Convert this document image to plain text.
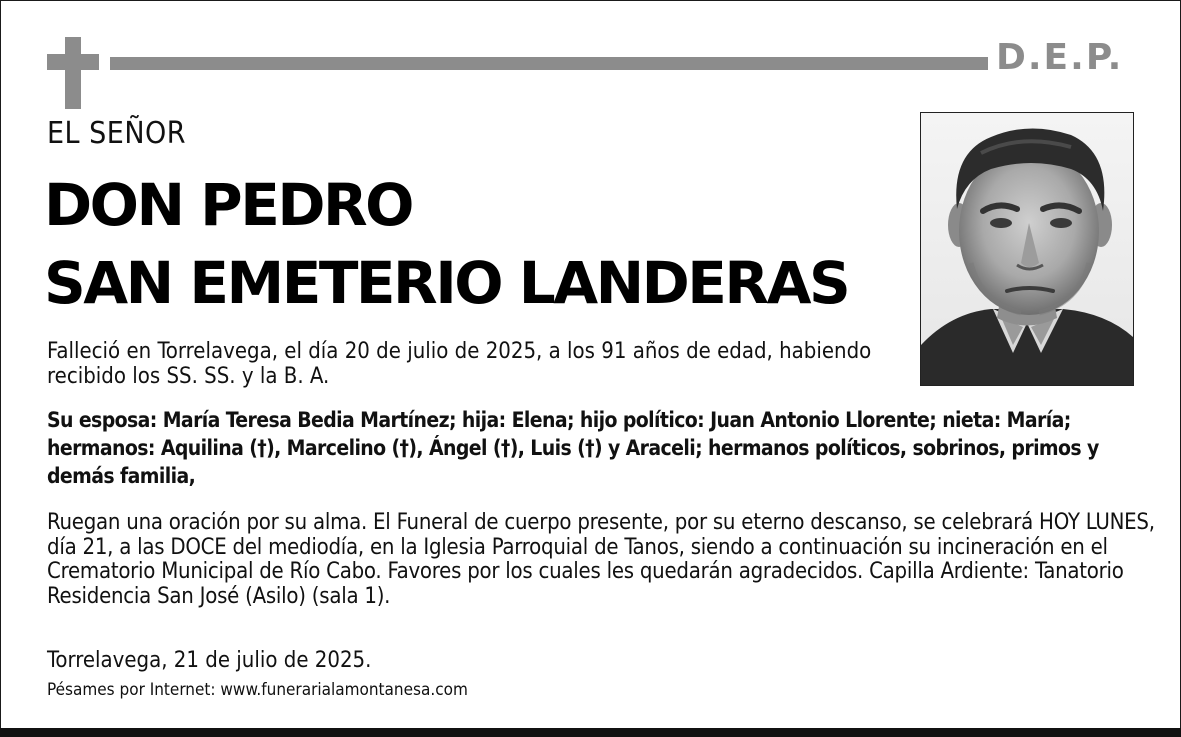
D.E.P.
EL SEÑOR
DON PEDRO
SAN EMETERIO LANDERAS
Falleció en Torrelavega, el día 20 de julio de 2025, a los 91 años de edad, habiendo recibido los SS. SS. y la B. A.
Su esposa: María Teresa Bedia Martínez; hija: Elena; hijo político: Juan Antonio Llorente; nieta: María; hermanos: Aquilina (†), Marcelino (†), Ángel (†), Luis (†) y Araceli; hermanos políticos, sobrinos, primos y demás familia,
Ruegan una oración por su alma. El Funeral de cuerpo presente, por su eterno descanso, se celebrará HOY LUNES, día 21, a las DOCE del mediodía, en la Iglesia Parroquial de Tanos, siendo a continuación su incineración en el Crematorio Municipal de Río Cabo. Favores por los cuales les quedarán agradecidos. Capilla Ardiente: Tanatorio Residencia San José (Asilo) (sala 1).
Torrelavega, 21 de julio de 2025.
Pésames por Internet: www.funerarialamontanesa.com
